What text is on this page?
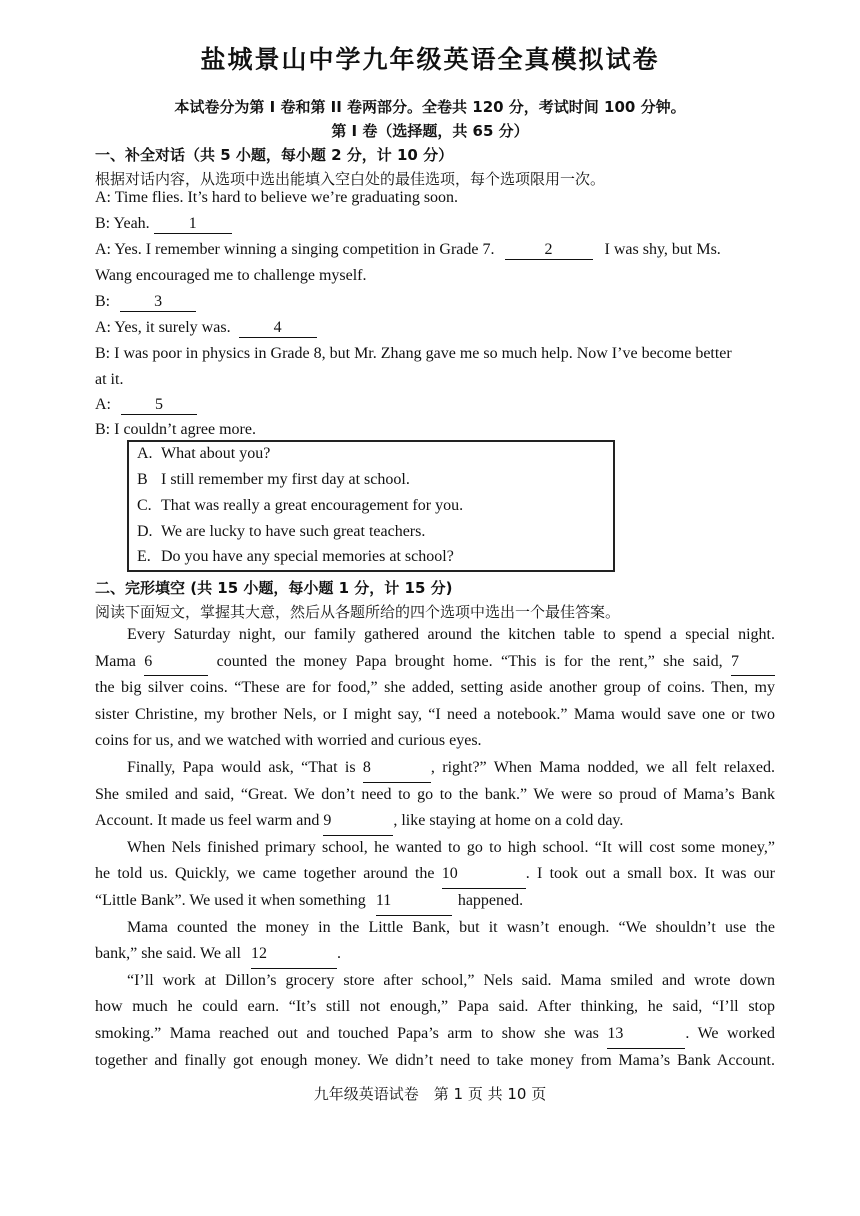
盐城景山中学九年级英语全真模拟试卷
本试卷分为第 I 卷和第 II 卷两部分。全卷共 120 分，考试时间 100 分钟。
第 I 卷（选择题，共 65 分）
一、补全对话（共 5 小题，每小题 2 分，计 10 分）
根据对话内容，从选项中选出能填入空白处的最佳选项，每个选项限用一次。
A: Time flies. It’s hard to believe we’re graduating soon.
B: Yeah. 1
A: Yes. I remember winning a singing competition in Grade 7.	2	I was shy, but Ms.
Wang encouraged me to challenge myself.
B:	3
A: Yes, it surely was.	4
B: I was poor in physics in Grade 8, but Mr. Zhang gave me so much help. Now I’ve become better
at it.
A:	5
B: I couldn’t agree more.
A. What about you?
B I still remember my first day at school.
C. That was really a great encouragement for you.
D. We are lucky to have such great teachers.
E. Do you have any special memories at school?
二、完形填空 (共 15 小题，每小题 1 分，计 15 分)
阅读下面短文，掌握其大意，然后从各题所给的四个选项中选出一个最佳答案。
Every Saturday night, our family gathered around the kitchen table to spend a special night.
Mama 6	counted the money Papa brought home. “This is for the rent,” she said, 7
the big silver coins. “These are for food,” she added, setting aside another group of coins. Then, my
sister Christine, my brother Nels, or I might say, “I need a notebook.” Mama would save one or two
coins for us, and we watched with worried and curious eyes.
Finally, Papa would ask, “That is 8	, right?” When Mama nodded, we all felt relaxed.
She smiled and said, “Great. We don’t need to go to the bank.” We were so proud of Mama’s Bank
Account. It made us feel warm and 9	, like staying at home on a cold day.
When Nels finished primary school, he wanted to go to high school. “It will cost some money,”
he told us. Quickly, we came together around the 10	. I took out a small box. It was our
“Little Bank”. We used it when something 11	happened.
Mama counted the money in the Little Bank, but it wasn’t enough. “We shouldn’t use the
bank,” she said. We all 12	.
“I’ll work at Dillon’s grocery store after school,” Nels said. Mama smiled and wrote down
how much he could earn. “It’s still not enough,” Papa said. After thinking, he said, “I’ll stop
smoking.” Mama reached out and touched Papa’s arm to show she was 13	. We worked
together and finally got enough money. We didn’t need to take money from Mama’s Bank Account.
九年级英语试卷　第 1 页 共 10 页
